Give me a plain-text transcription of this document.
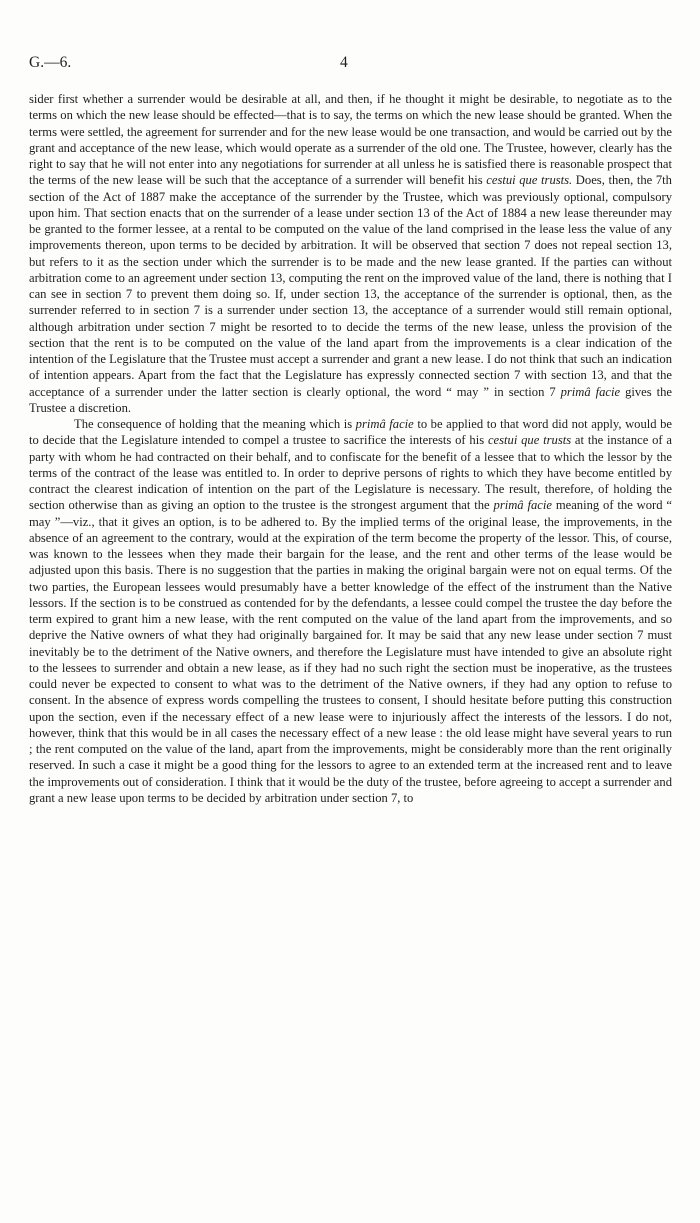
G.—6.	4

sider first whether a surrender would be desirable at all, and then, if he thought it might be desirable, to negotiate as to the terms on which the new lease should be effected—that is to say, the terms on which the new lease should be granted. When the terms were settled, the agreement for surrender and for the new lease would be one transaction, and would be carried out by the grant and acceptance of the new lease, which would operate as a surrender of the old one. The Trustee, however, clearly has the right to say that he will not enter into any negotiations for surrender at all unless he is satisfied there is reasonable prospect that the terms of the new lease will be such that the acceptance of a surrender will benefit his cestui que trusts. Does, then, the 7th section of the Act of 1887 make the acceptance of the surrender by the Trustee, which was previously optional, compulsory upon him. That section enacts that on the surrender of a lease under section 13 of the Act of 1884 a new lease thereunder may be granted to the former lessee, at a rental to be computed on the value of the land comprised in the lease less the value of any improvements thereon, upon terms to be decided by arbitration. It will be observed that section 7 does not repeal section 13, but refers to it as the section under which the surrender is to be made and the new lease granted. If the parties can without arbitration come to an agreement under section 13, computing the rent on the improved value of the land, there is nothing that I can see in section 7 to prevent them doing so. If, under section 13, the acceptance of the surrender is optional, then, as the surrender referred to in section 7 is a surrender under section 13, the acceptance of a surrender would still remain optional, although arbitration under section 7 might be resorted to to decide the terms of the new lease, unless the provision of the section that the rent is to be computed on the value of the land apart from the improvements is a clear indication of the intention of the Legislature that the Trustee must accept a surrender and grant a new lease. I do not think that such an indication of intention appears. Apart from the fact that the Legislature has expressly connected section 7 with section 13, and that the acceptance of a surrender under the latter section is clearly optional, the word “ may ” in section 7 primâ facie gives the Trustee a discretion.

The consequence of holding that the meaning which is primâ facie to be applied to that word did not apply, would be to decide that the Legislature intended to compel a trustee to sacrifice the interests of his cestui que trusts at the instance of a party with whom he had contracted on their behalf, and to confiscate for the benefit of a lessee that to which the lessor by the terms of the contract of the lease was entitled to. In order to deprive persons of rights to which they have become entitled by contract the clearest indication of intention on the part of the Legislature is necessary. The result, therefore, of holding the section otherwise than as giving an option to the trustee is the strongest argument that the primâ facie meaning of the word “ may ”—viz., that it gives an option, is to be adhered to. By the implied terms of the original lease, the improvements, in the absence of an agreement to the contrary, would at the expiration of the term become the property of the lessor. This, of course, was known to the lessees when they made their bargain for the lease, and the rent and other terms of the lease would be adjusted upon this basis. There is no suggestion that the parties in making the original bargain were not on equal terms. Of the two parties, the European lessees would presumably have a better knowledge of the effect of the instrument than the Native lessors. If the section is to be construed as contended for by the defendants, a lessee could compel the trustee the day before the term expired to grant him a new lease, with the rent computed on the value of the land apart from the improvements, and so deprive the Native owners of what they had originally bargained for. It may be said that any new lease under section 7 must inevitably be to the detriment of the Native owners, and therefore the Legislature must have intended to give an absolute right to the lessees to surrender and obtain a new lease, as if they had no such right the section must be inoperative, as the trustees could never be expected to consent to what was to the detriment of the Native owners, if they had any option to refuse to consent. In the absence of express words compelling the trustees to consent, I should hesitate before putting this construction upon the section, even if the necessary effect of a new lease were to injuriously affect the interests of the lessors. I do not, however, think that this would be in all cases the necessary effect of a new lease : the old lease might have several years to run ; the rent computed on the value of the land, apart from the improvements, might be considerably more than the rent originally reserved. In such a case it might be a good thing for the lessors to agree to an extended term at the increased rent and to leave the improvements out of consideration. I think that it would be the duty of the trustee, before agreeing to accept a surrender and grant a new lease upon terms to be decided by arbitration under section 7, to
